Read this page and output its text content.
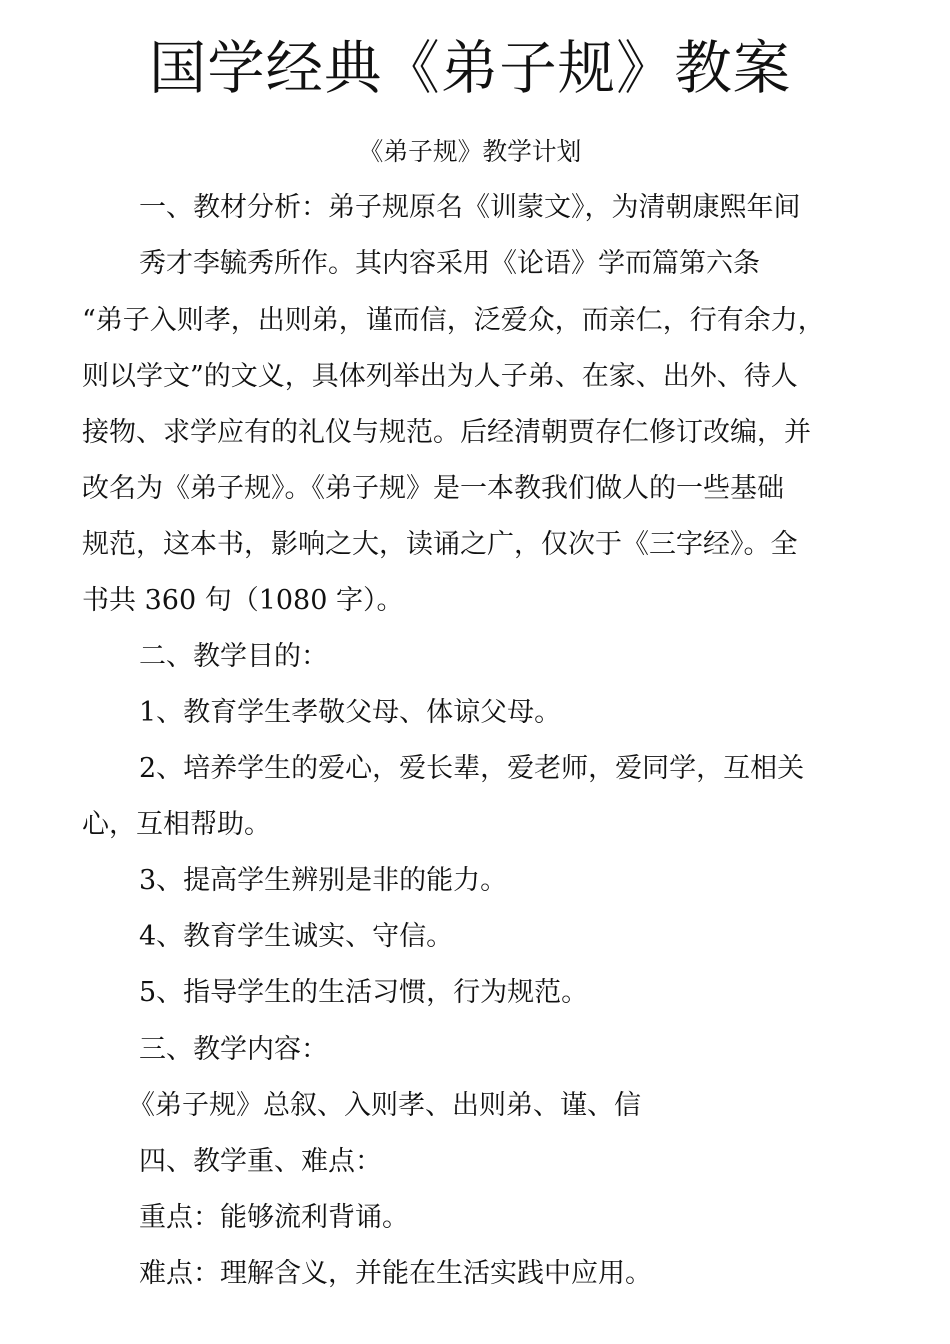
国学经典《弟子规》教案
《弟子规》教学计划
一、教材分析：弟子规原名《训蒙文》，为清朝康熙年间
秀才李毓秀所作。其内容采用《论语》学而篇第六条
“弟子入则孝，出则弟，谨而信，泛爱众，而亲仁，行有余力，
则以学文”的文义，具体列举出为人子弟、在家、出外、待人
接物、求学应有的礼仪与规范。后经清朝贾存仁修订改编，并
改名为《弟子规》。《弟子规》是一本教我们做人的一些基础
规范，这本书，影响之大，读诵之广，仅次于《三字经》。全
书共 360 句（1080 字）。
二、教学目的：
1、教育学生孝敬父母、体谅父母。
2、培养学生的爱心，爱长辈，爱老师，爱同学，互相关
心，互相帮助。
3、提高学生辨别是非的能力。
4、教育学生诚实、守信。
5、指导学生的生活习惯，行为规范。
三、教学内容：
《弟子规》总叙、入则孝、出则弟、谨、信
四、教学重、难点：
重点：能够流利背诵。
难点：理解含义，并能在生活实践中应用。
